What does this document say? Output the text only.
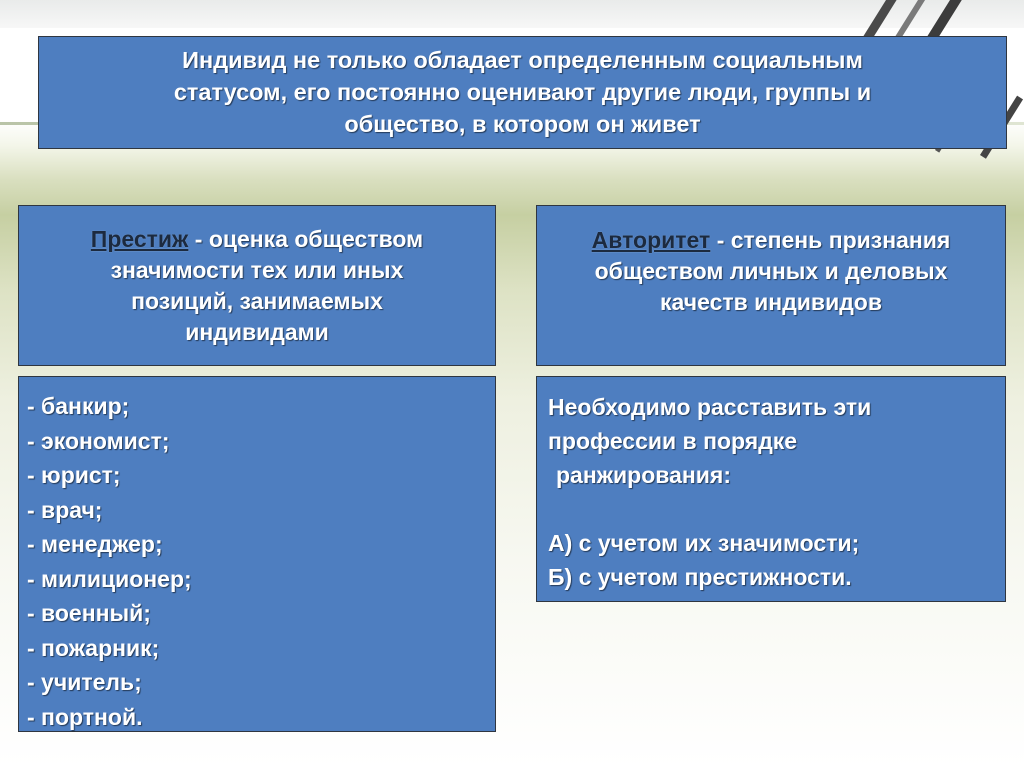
Индивид не только обладает определенным социальным
статусом, его постоянно оценивают другие люди, группы и
общество, в котором он живет
Престиж - оценка обществом
значимости тех или иных
позиций, занимаемых
индивидами
Авторитет - степень признания
обществом личных и деловых
качеств индивидов
- банкир;
- экономист;
- юрист;
- врач;
- менеджер;
- милиционер;
- военный;
- пожарник;
- учитель;
- портной.
Необходимо расставить эти
профессии в порядке
ранжирования:
А) с учетом их значимости;
Б) с учетом престижности.
